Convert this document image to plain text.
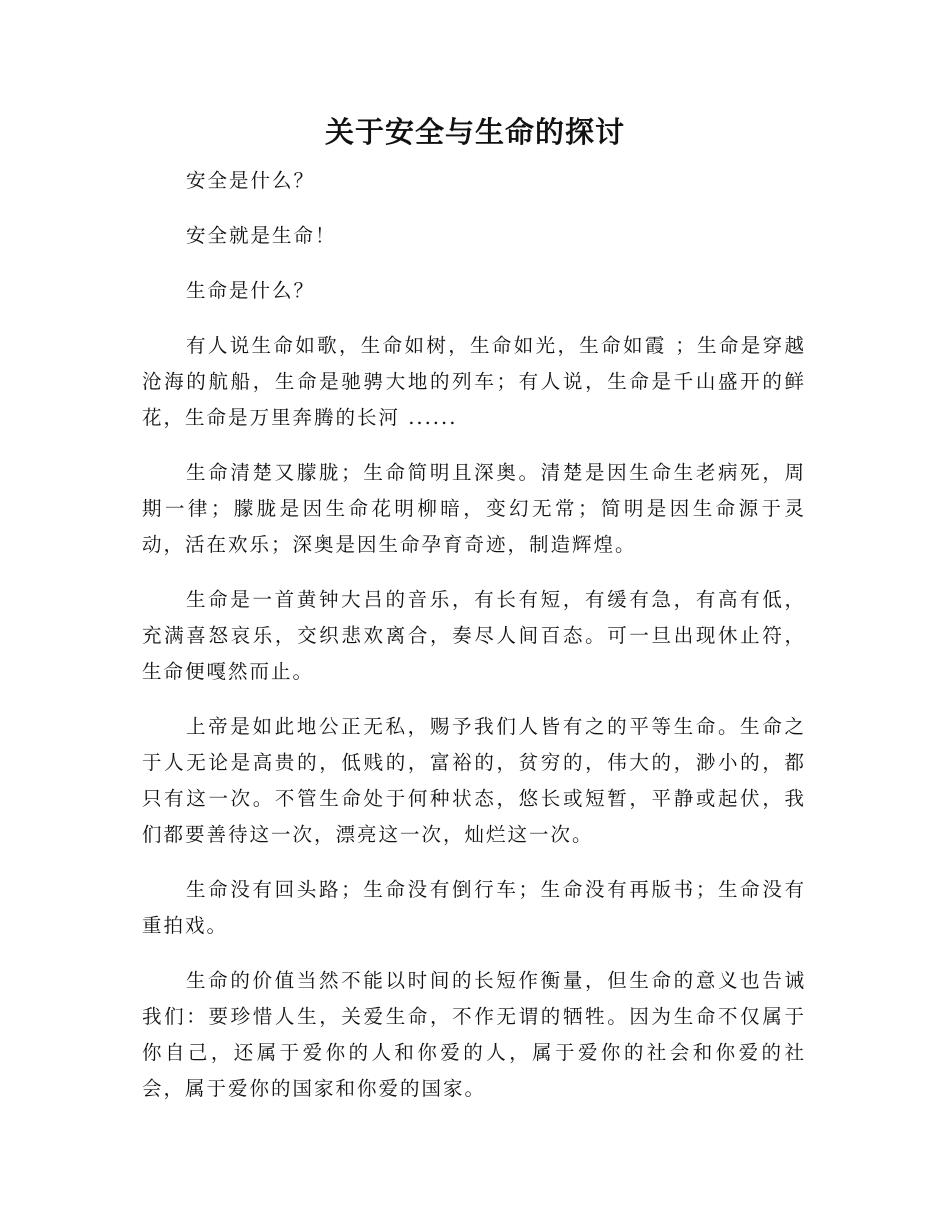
关于安全与生命的探讨

安全是什么？

安全就是生命！

生命是什么？

有人说生命如歌，生命如树，生命如光，生命如霞 ；生命是穿越沧海的航船，生命是驰骋大地的列车；有人说，生命是千山盛开的鲜花，生命是万里奔腾的长河 ......

生命清楚又朦胧；生命简明且深奥。清楚是因生命生老病死，周期一律；朦胧是因生命花明柳暗，变幻无常；简明是因生命源于灵动，活在欢乐；深奥是因生命孕育奇迹，制造辉煌。

生命是一首黄钟大吕的音乐，有长有短，有缓有急，有高有低，充满喜怒哀乐，交织悲欢离合，奏尽人间百态。可一旦出现休止符，生命便嘎然而止。

上帝是如此地公正无私，赐予我们人皆有之的平等生命。生命之于人无论是高贵的，低贱的，富裕的，贫穷的，伟大的，渺小的，都只有这一次。不管生命处于何种状态，悠长或短暂，平静或起伏，我们都要善待这一次，漂亮这一次，灿烂这一次。

生命没有回头路；生命没有倒行车；生命没有再版书；生命没有重拍戏。

生命的价值当然不能以时间的长短作衡量，但生命的意义也告诫我们：要珍惜人生，关爱生命，不作无谓的牺牲。因为生命不仅属于你自己，还属于爱你的人和你爱的人，属于爱你的社会和你爱的社会，属于爱你的国家和你爱的国家。
